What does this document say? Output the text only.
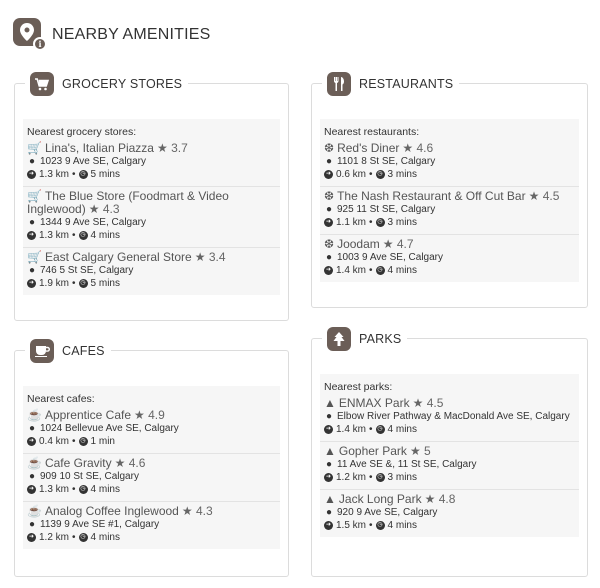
i
NEARBY AMENITIES
GROCERY STORES
Nearest grocery stores:
🛒 Lina's, Italian Piazza ★ 3.7
● 1023 9 Ave SE, Calgary
➜ 1.3 km • ◷ 5 mins
🛒 The Blue Store (Foodmart & Video Inglewood) ★ 4.3
● 1344 9 Ave SE, Calgary
➜ 1.3 km • ◷ 4 mins
🛒 East Calgary General Store ★ 3.4
● 746 5 St SE, Calgary
➜ 1.9 km • ◷ 5 mins
RESTAURANTS
Nearest restaurants:
❆ Red's Diner ★ 4.6
● 1101 8 St SE, Calgary
➜ 0.6 km • ◷ 3 mins
❆ The Nash Restaurant & Off Cut Bar ★ 4.5
● 925 11 St SE, Calgary
➜ 1.1 km • ◷ 3 mins
❆ Joodam ★ 4.7
● 1003 9 Ave SE, Calgary
➜ 1.4 km • ◷ 4 mins
CAFES
Nearest cafes:
☕ Apprentice Cafe ★ 4.9
● 1024 Bellevue Ave SE, Calgary
➜ 0.4 km • ◷ 1 min
☕ Cafe Gravity ★ 4.6
● 909 10 St SE, Calgary
➜ 1.3 km • ◷ 4 mins
☕ Analog Coffee Inglewood ★ 4.3
● 1139 9 Ave SE #1, Calgary
➜ 1.2 km • ◷ 4 mins
PARKS
Nearest parks:
▲ ENMAX Park ★ 4.5
● Elbow River Pathway & MacDonald Ave SE, Calgary
➜ 1.4 km • ◷ 4 mins
▲ Gopher Park ★ 5
● 11 Ave SE &, 11 St SE, Calgary
➜ 1.2 km • ◷ 3 mins
▲ Jack Long Park ★ 4.8
● 920 9 Ave SE, Calgary
➜ 1.5 km • ◷ 4 mins
